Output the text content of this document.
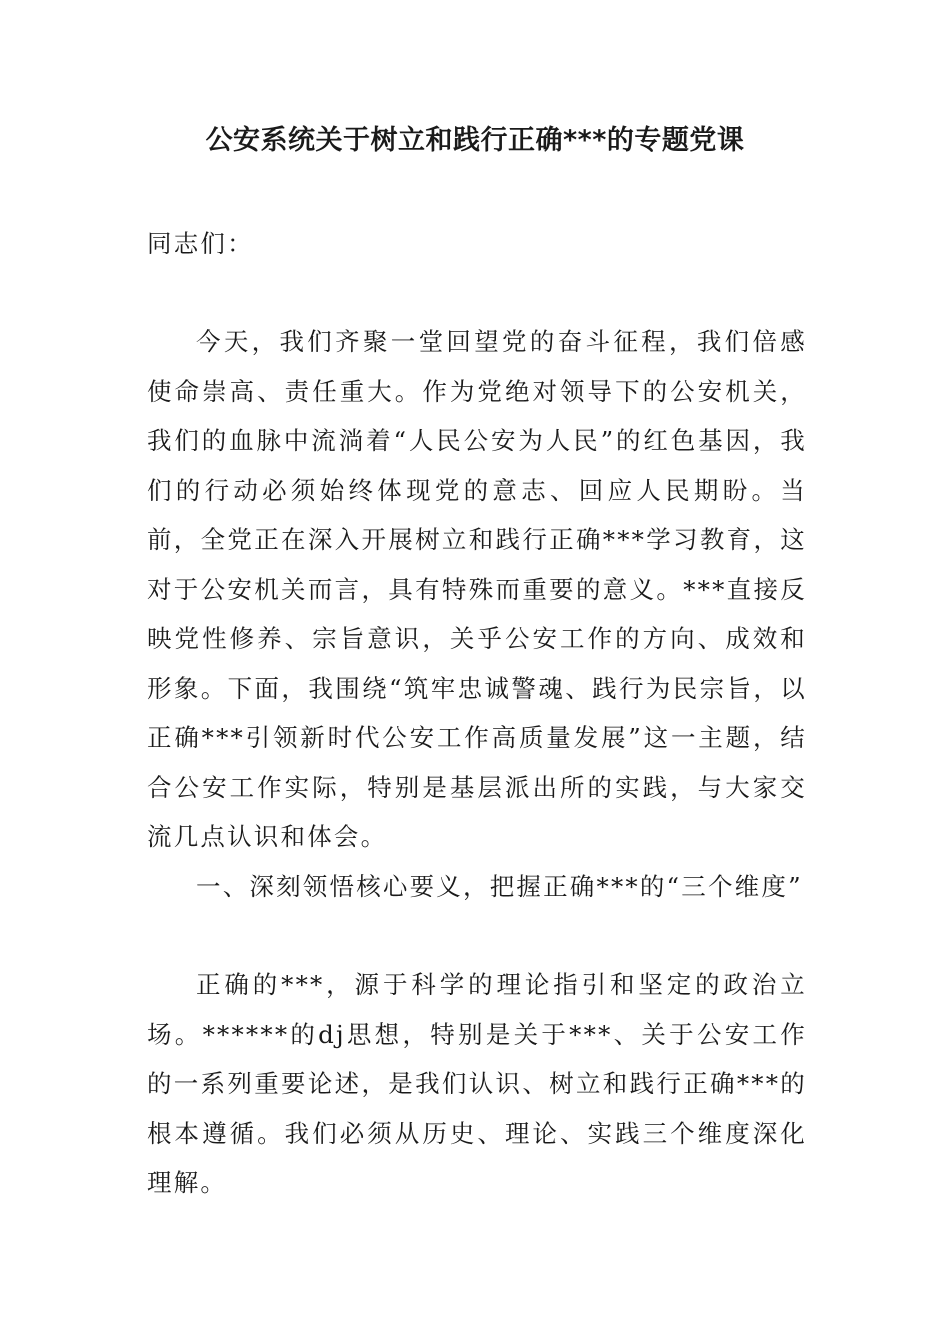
公安系统关于树立和践行正确***的专题党课

同志们：

今天，我们齐聚一堂回望党的奋斗征程，我们倍感使命崇高、责任重大。作为党绝对领导下的公安机关，我们的血脉中流淌着“人民公安为人民”的红色基因，我们的行动必须始终体现党的意志、回应人民期盼。当前，全党正在深入开展树立和践行正确***学习教育，这对于公安机关而言，具有特殊而重要的意义。***直接反映党性修养、宗旨意识，关乎公安工作的方向、成效和形象。下面，我围绕“筑牢忠诚警魂、践行为民宗旨，以正确***引领新时代公安工作高质量发展”这一主题，结合公安工作实际，特别是基层派出所的实践，与大家交流几点认识和体会。

一、深刻领悟核心要义，把握正确***的“三个维度”

正确的***，源于科学的理论指引和坚定的政治立场。******的dj思想，特别是关于***、关于公安工作的一系列重要论述，是我们认识、树立和践行正确***的根本遵循。我们必须从历史、理论、实践三个维度深化理解。
